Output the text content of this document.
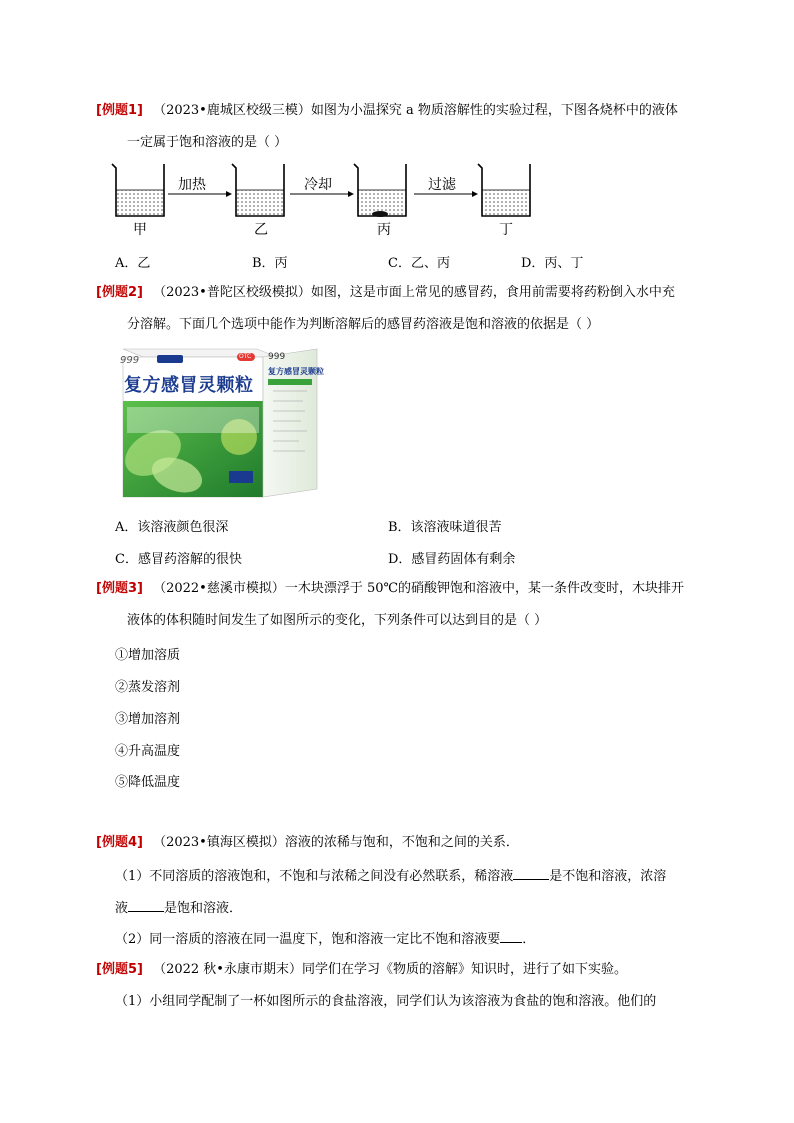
[例题1] （2023•鹿城区校级三模）如图为小温探究 a 物质溶解性的实验过程，下图各烧杯中的液体
一定属于饱和溶液的是（ ）
加热	冷却	过滤
甲	乙	丙	丁
A．乙	B．丙	C．乙、丙	D．丙、丁
[例题2] （2023•普陀区校级模拟）如图，这是市面上常见的感冒药，食用前需要将药粉倒入水中充
分溶解。下面几个选项中能作为判断溶解后的感冒药溶液是饱和溶液的依据是（ ）
999	OTC
复方感冒灵颗粒
999
复方感冒灵颗粒
A．该溶液颜色很深	B．该溶液味道很苦
C．感冒药溶解的很快	D．感冒药固体有剩余
[例题3] （2022•慈溪市模拟）一木块漂浮于 50℃的硝酸钾饱和溶液中，某一条件改变时，木块排开
液体的体积随时间发生了如图所示的变化，下列条件可以达到目的是（ ）
①增加溶质
②蒸发溶剂
③增加溶剂
④升高温度
⑤降低温度
[例题4] （2023•镇海区模拟）溶液的浓稀与饱和，不饱和之间的关系．
（1）不同溶质的溶液饱和，不饱和与浓稀之间没有必然联系，稀溶液	是不饱和溶液，浓溶
液	是饱和溶液．
（2）同一溶质的溶液在同一温度下，饱和溶液一定比不饱和溶液要 ．
[例题5] （2022 秋•永康市期末）同学们在学习《物质的溶解》知识时，进行了如下实验。
（1）小组同学配制了一杯如图所示的食盐溶液，同学们认为该溶液为食盐的饱和溶液。他们的
